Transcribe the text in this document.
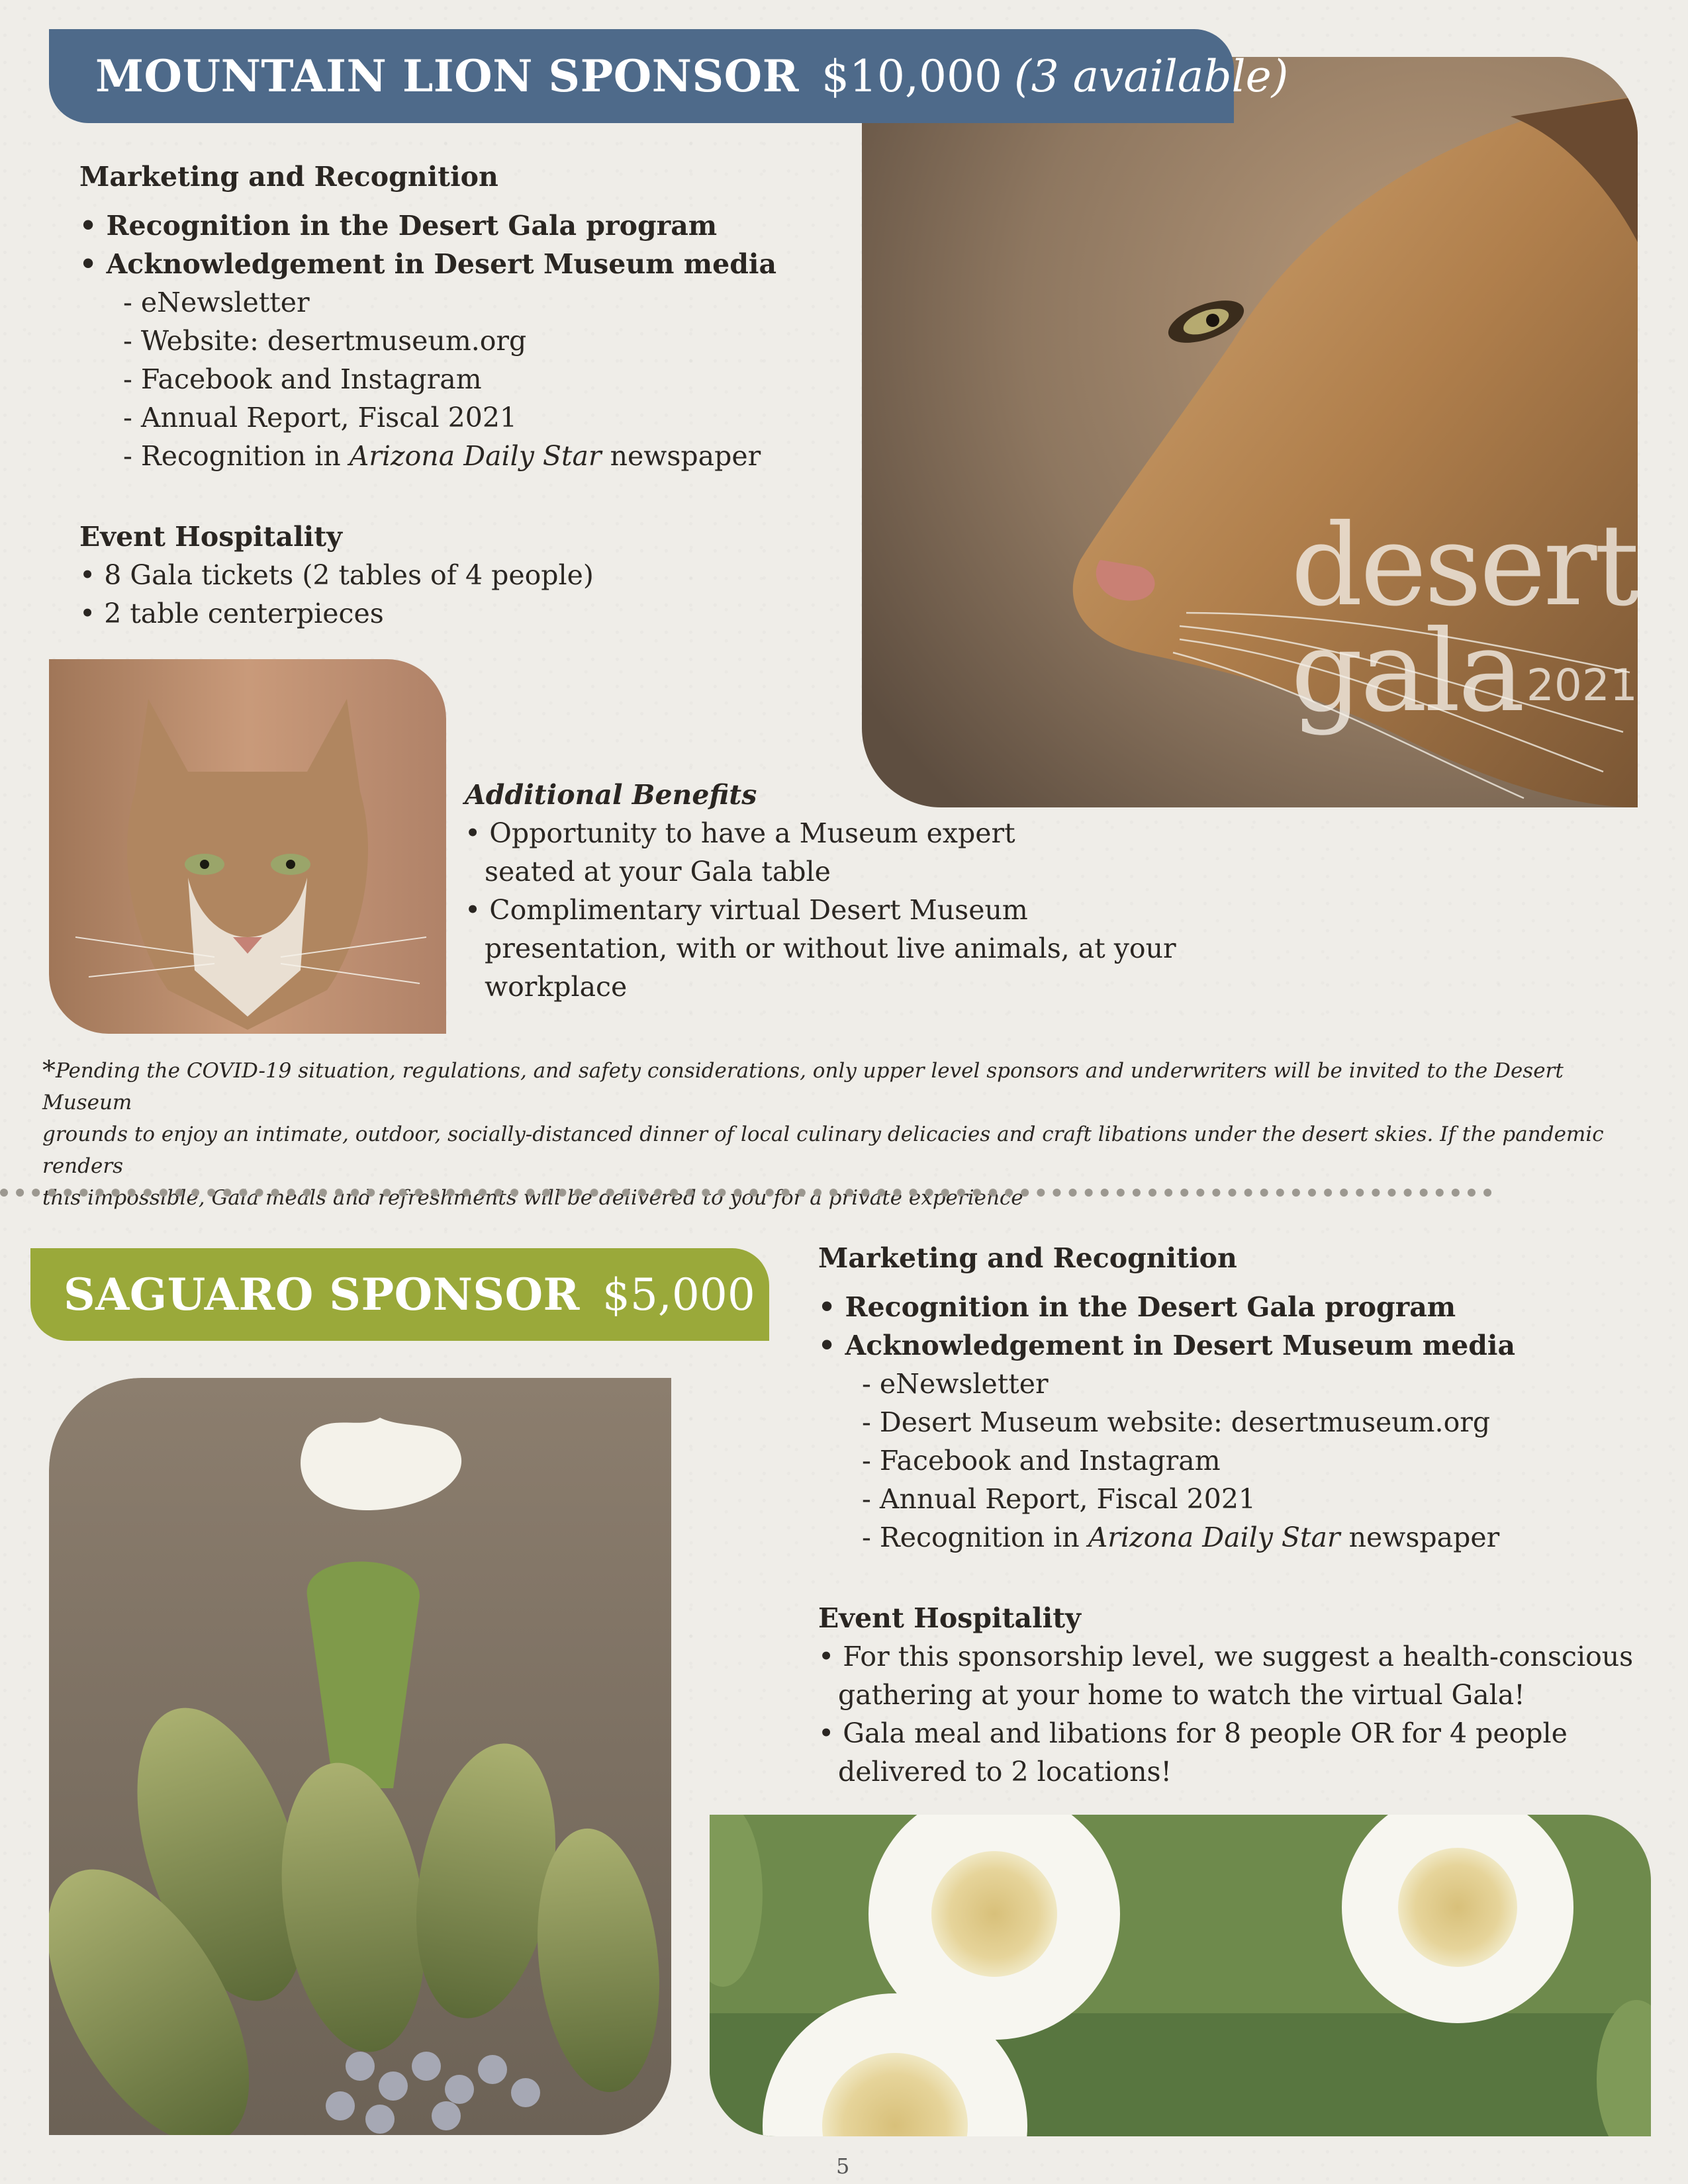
desert
gala 2021
MOUNTAIN LION SPONSOR $10,000 (3 available)
Marketing and Recognition
• Recognition in the Desert Gala program
• Acknowledgement in Desert Museum media
- eNewsletter
- Website: desertmuseum.org
- Facebook and Instagram
- Annual Report, Fiscal 2021
- Recognition in Arizona Daily Star newspaper
Event Hospitality
• 8 Gala tickets (2 tables of 4 people)
• 2 table centerpieces
Additional Benefits
• Opportunity to have a Museum expert
seated at your Gala table
• Complimentary virtual Desert Museum
presentation, with or without live animals, at your workplace
*Pending the COVID-19 situation, regulations, and safety considerations, only upper level sponsors and underwriters will be invited to the Desert Museum
grounds to enjoy an intimate, outdoor, socially-distanced dinner of local culinary delicacies and craft libations under the desert skies. If the pandemic renders
this impossible, Gala meals and refreshments will be delivered to you for a private experience
SAGUARO SPONSOR $5,000
Marketing and Recognition
• Recognition in the Desert Gala program
• Acknowledgement in Desert Museum media
- eNewsletter
- Desert Museum website: desertmuseum.org
- Facebook and Instagram
- Annual Report, Fiscal 2021
- Recognition in Arizona Daily Star newspaper
Event Hospitality
• For this sponsorship level, we suggest a health-conscious
gathering at your home to watch the virtual Gala!
• Gala meal and libations for 8 people OR for 4 people
delivered to 2 locations!
5
